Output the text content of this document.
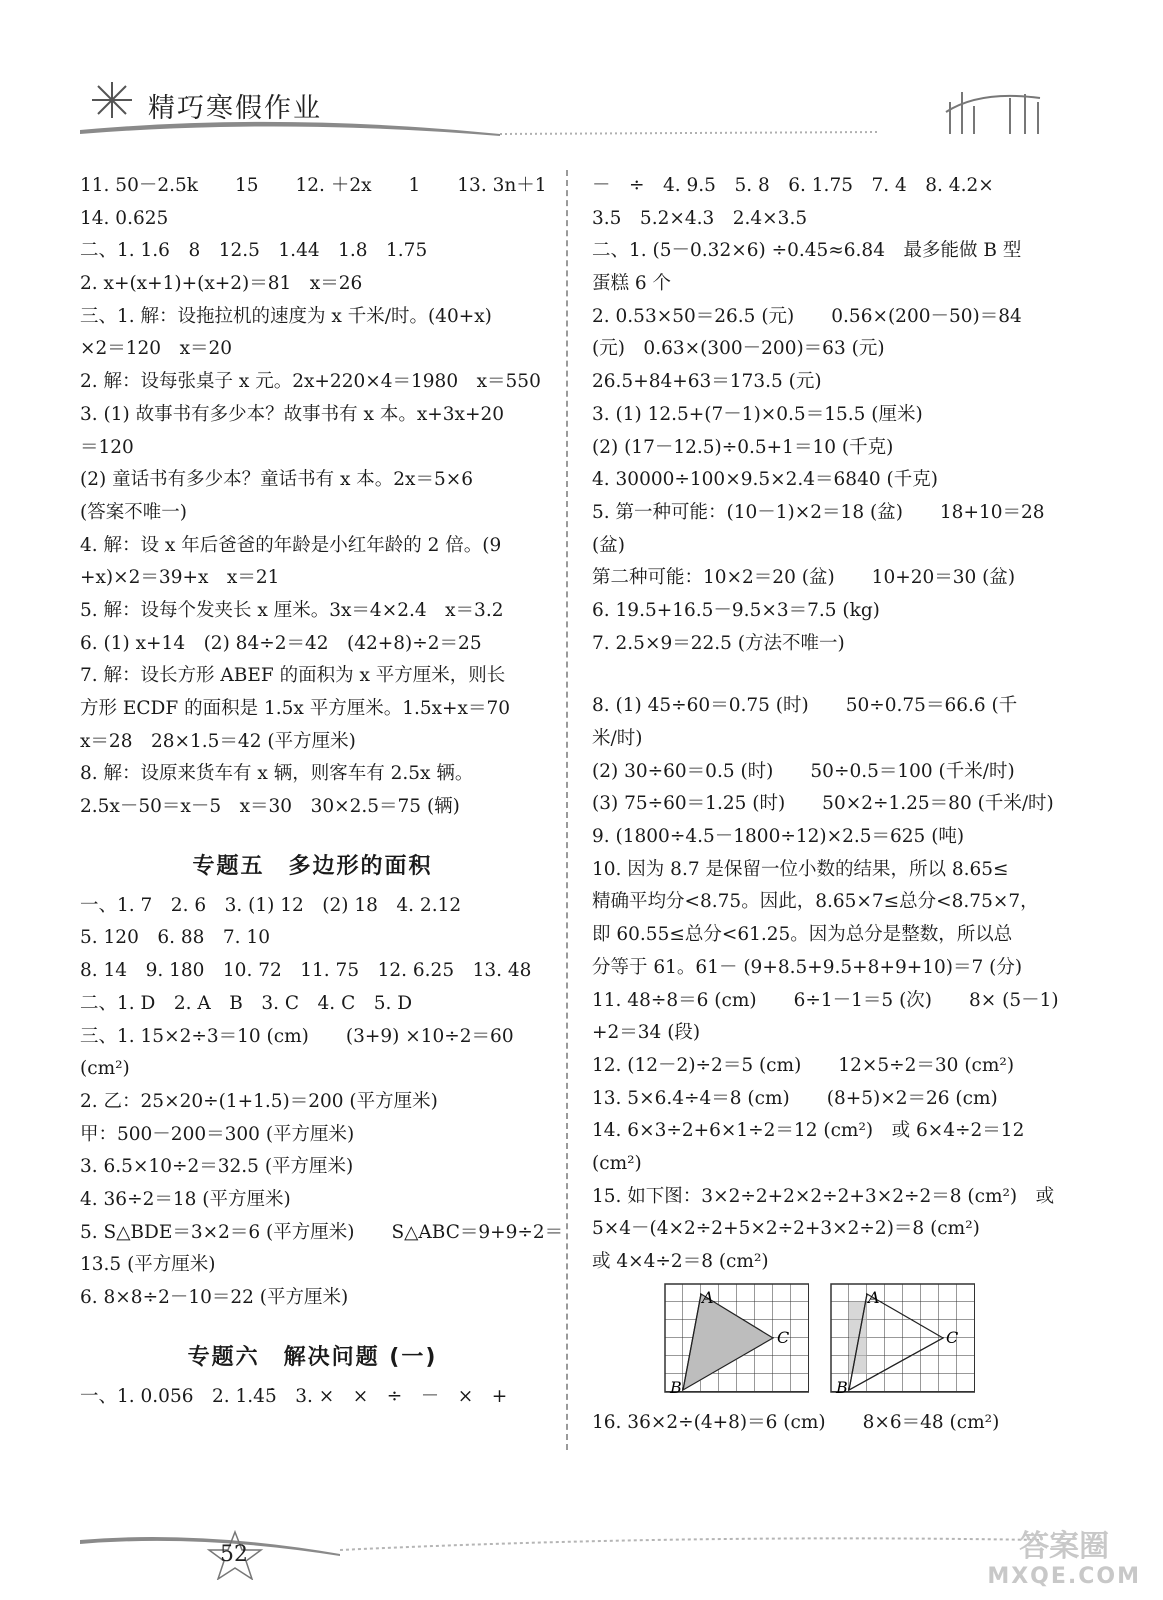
精巧寒假作业
11. 50－2.5k　　15　　12. ＋2x　　1　　13. 3n＋1
14. 0.625
二、1. 1.6　8　12.5　1.44　1.8　1.75
2. x+(x+1)+(x+2)＝81　x＝26
三、1. 解：设拖拉机的速度为 x 千米/时。(40+x)
×2＝120　x＝20
2. 解：设每张桌子 x 元。2x+220×4＝1980　x＝550
3. (1) 故事书有多少本？故事书有 x 本。x+3x+20
＝120
(2) 童话书有多少本？童话书有 x 本。2x＝5×6
(答案不唯一)
4. 解：设 x 年后爸爸的年龄是小红年龄的 2 倍。(9
+x)×2＝39+x　x＝21
5. 解：设每个发夹长 x 厘米。3x＝4×2.4　x＝3.2
6. (1) x+14　(2) 84÷2＝42　(42+8)÷2＝25
7. 解：设长方形 ABEF 的面积为 x 平方厘米，则长
方形 ECDF 的面积是 1.5x 平方厘米。1.5x+x＝70
x＝28　28×1.5＝42 (平方厘米)
8. 解：设原来货车有 x 辆，则客车有 2.5x 辆。
2.5x－50＝x－5　x＝30　30×2.5＝75 (辆)
专题五　多边形的面积
一、1. 7　2. 6　3. (1) 12　(2) 18　4. 2.12
5. 120　6. 88　7. 10
8. 14　9. 180　10. 72　11. 75　12. 6.25　13. 48
二、1. D　2. A　B　3. C　4. C　5. D
三、1. 15×2÷3＝10 (cm)　　(3+9) ×10÷2＝60
(cm²)
2. 乙：25×20÷(1+1.5)＝200 (平方厘米)
甲：500－200＝300 (平方厘米)
3. 6.5×10÷2＝32.5 (平方厘米)
4. 36÷2＝18 (平方厘米)
5. S△BDE＝3×2＝6 (平方厘米)　　S△ABC＝9+9÷2＝
13.5 (平方厘米)
6. 8×8÷2－10＝22 (平方厘米)
专题六　解决问题 (一)
一、1. 0.056　2. 1.4̇5̇　3. ×　×　÷　－　×　+
－　÷　4. 9.5　5. 8　6. 1.75　7. 4　8. 4.2×
3.5　5.2×4.3　2.4×3.5
二、1. (5－0.32×6) ÷0.45≈6.84　最多能做 B 型
蛋糕 6 个
2. 0.53×50＝26.5 (元)　　0.56×(200－50)＝84
(元)　0.63×(300－200)＝63 (元)
26.5+84+63＝173.5 (元)
3. (1) 12.5+(7－1)×0.5＝15.5 (厘米)
(2) (17－12.5)÷0.5+1＝10 (千克)
4. 30000÷100×9.5×2.4＝6840 (千克)
5. 第一种可能：(10－1)×2＝18 (盆)　　18+10＝28
(盆)
第二种可能：10×2＝20 (盆)　　10+20＝30 (盆)
6. 19.5+16.5－9.5×3＝7.5 (kg)
7. 2.5×9＝22.5 (方法不唯一)
8. (1) 45÷60＝0.75 (时)　　50÷0.75＝66.6̇ (千
米/时)
(2) 30÷60＝0.5 (时)　　50÷0.5＝100 (千米/时)
(3) 75÷60＝1.25 (时)　　50×2÷1.25＝80 (千米/时)
9. (1800÷4.5－1800÷12)×2.5＝625 (吨)
10. 因为 8.7 是保留一位小数的结果，所以 8.65≤
精确平均分<8.75。因此，8.65×7≤总分<8.75×7，
即 60.55≤总分<61.25。因为总分是整数，所以总
分等于 61。61－ (9+8.5+9.5+8+9+10)＝7 (分)
11. 48÷8＝6 (cm)　　6÷1－1＝5 (次)　　8× (5－1)
+2＝34 (段)
12. (12－2)÷2＝5 (cm)　　12×5÷2＝30 (cm²)
13. 5×6.4÷4＝8 (cm)　　(8+5)×2＝26 (cm)
14. 6×3÷2+6×1÷2＝12 (cm²)　或 6×4÷2＝12
(cm²)
15. 如下图：3×2÷2+2×2÷2+3×2÷2＝8 (cm²)　或
5×4－(4×2÷2+5×2÷2+3×2÷2)＝8 (cm²)
或 4×4÷2＝8 (cm²)
A
B
C
A
B
C
16. 36×2÷(4+8)＝6 (cm)　　8×6＝48 (cm²)
52	答案圈
MXQE.COM
